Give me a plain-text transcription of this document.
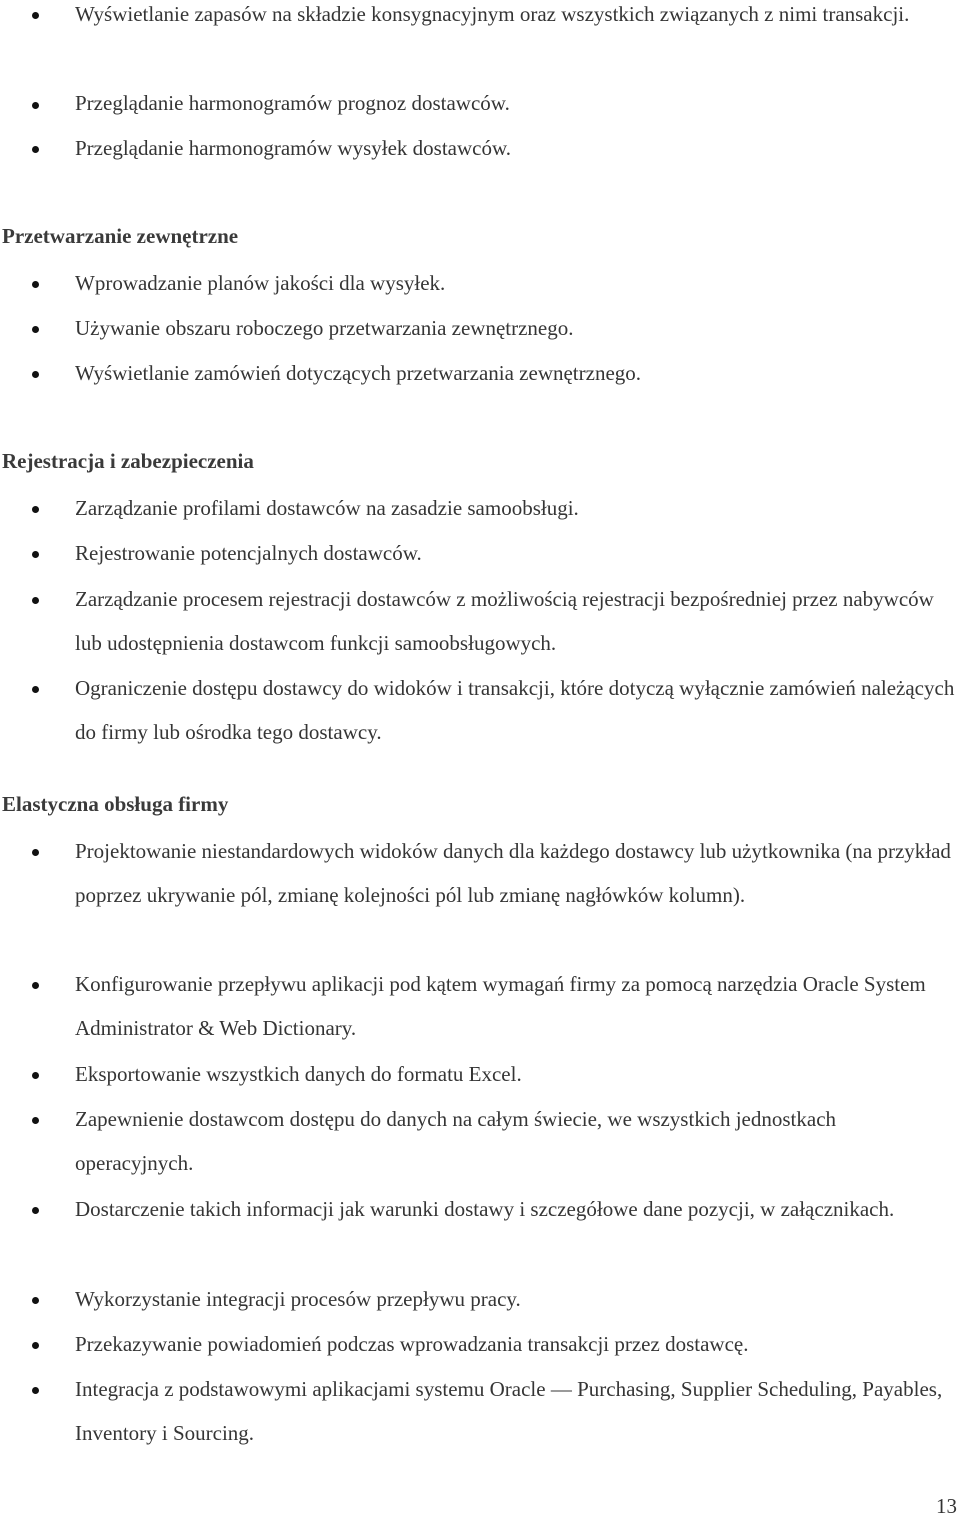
Wyświetlanie zapasów na składzie konsygnacyjnym oraz wszystkich związanych z nimi transakcji.
Przeglądanie harmonogramów prognoz dostawców.
Przeglądanie harmonogramów wysyłek dostawców.
Przetwarzanie zewnętrzne
Wprowadzanie planów jakości dla wysyłek.
Używanie obszaru roboczego przetwarzania zewnętrznego.
Wyświetlanie zamówień dotyczących przetwarzania zewnętrznego.
Rejestracja i zabezpieczenia
Zarządzanie profilami dostawców na zasadzie samoobsługi.
Rejestrowanie potencjalnych dostawców.
Zarządzanie procesem rejestracji dostawców z możliwością rejestracji bezpośredniej przez nabywców lub udostępnienia dostawcom funkcji samoobsługowych.
Ograniczenie dostępu dostawcy do widoków i transakcji, które dotyczą wyłącznie zamówień należących do firmy lub ośrodka tego dostawcy.
Elastyczna obsługa firmy
Projektowanie niestandardowych widoków danych dla każdego dostawcy lub użytkownika (na przykład poprzez ukrywanie pól, zmianę kolejności pól lub zmianę nagłówków kolumn).
Konfigurowanie przepływu aplikacji pod kątem wymagań firmy za pomocą narzędzia Oracle System Administrator & Web Dictionary.
Eksportowanie wszystkich danych do formatu Excel.
Zapewnienie dostawcom dostępu do danych na całym świecie, we wszystkich jednostkach operacyjnych.
Dostarczenie takich informacji jak warunki dostawy i szczegółowe dane pozycji, w załącznikach.
Wykorzystanie integracji procesów przepływu pracy.
Przekazywanie powiadomień podczas wprowadzania transakcji przez dostawcę.
Integracja z podstawowymi aplikacjami systemu Oracle — Purchasing, Supplier Scheduling, Payables, Inventory i Sourcing.
13
